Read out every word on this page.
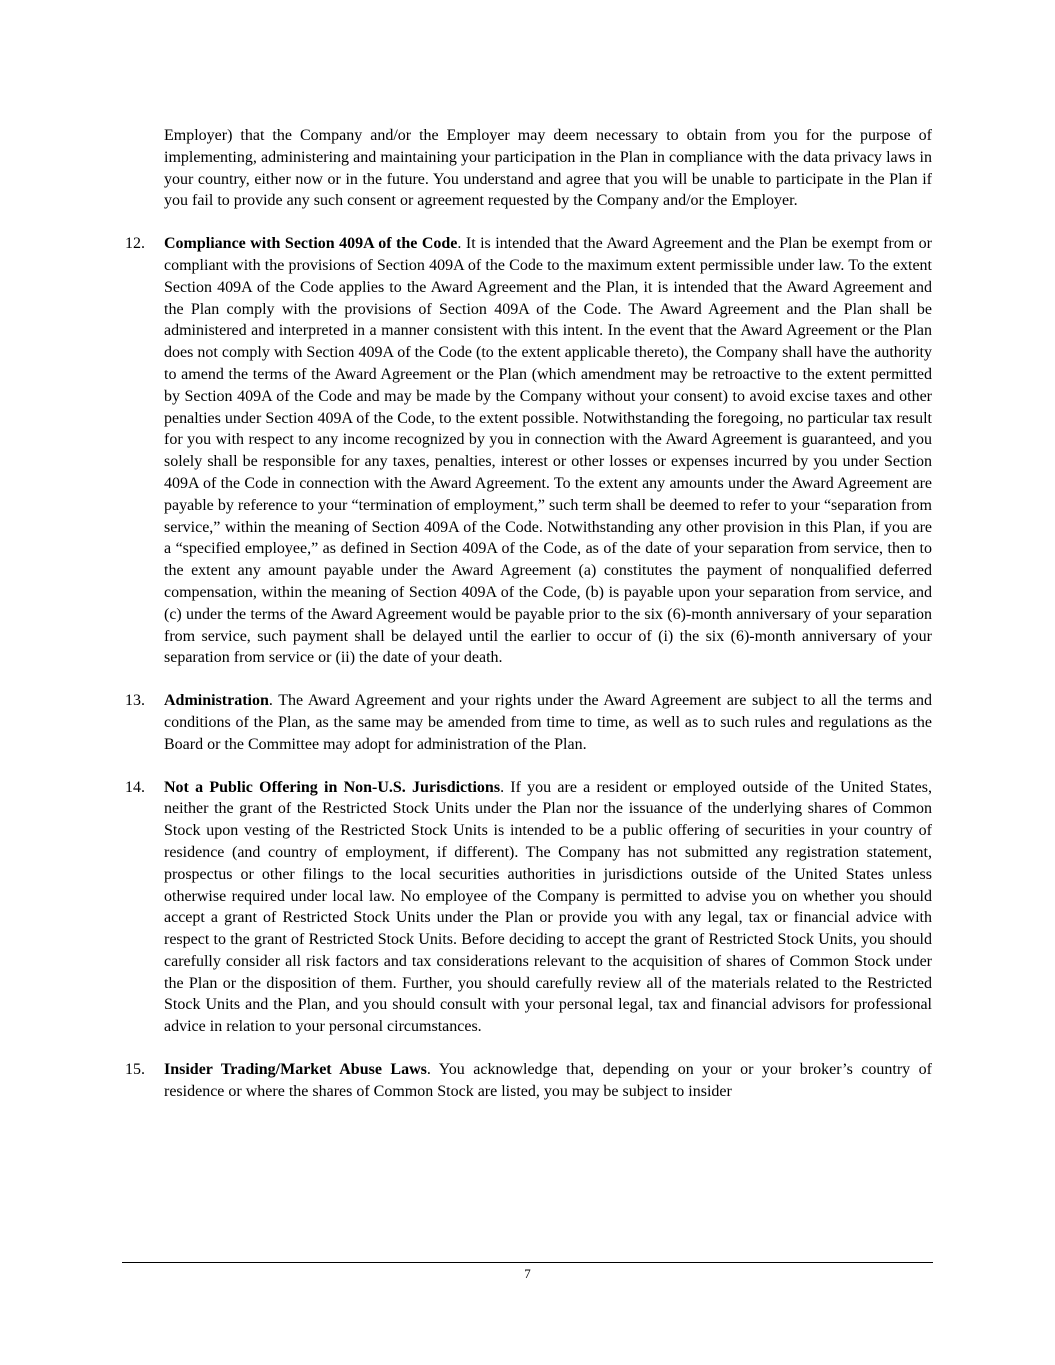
Employer) that the Company and/or the Employer may deem necessary to obtain from you for the purpose of implementing, administering and maintaining your participation in the Plan in compliance with the data privacy laws in your country, either now or in the future. You understand and agree that you will be unable to participate in the Plan if you fail to provide any such consent or agreement requested by the Company and/or the Employer.

12. Compliance with Section 409A of the Code. It is intended that the Award Agreement and the Plan be exempt from or compliant with the provisions of Section 409A of the Code to the maximum extent permissible under law. To the extent Section 409A of the Code applies to the Award Agreement and the Plan, it is intended that the Award Agreement and the Plan comply with the provisions of Section 409A of the Code. The Award Agreement and the Plan shall be administered and interpreted in a manner consistent with this intent. In the event that the Award Agreement or the Plan does not comply with Section 409A of the Code (to the extent applicable thereto), the Company shall have the authority to amend the terms of the Award Agreement or the Plan (which amendment may be retroactive to the extent permitted by Section 409A of the Code and may be made by the Company without your consent) to avoid excise taxes and other penalties under Section 409A of the Code, to the extent possible. Notwithstanding the foregoing, no particular tax result for you with respect to any income recognized by you in connection with the Award Agreement is guaranteed, and you solely shall be responsible for any taxes, penalties, interest or other losses or expenses incurred by you under Section 409A of the Code in connection with the Award Agreement. To the extent any amounts under the Award Agreement are payable by reference to your “termination of employment,” such term shall be deemed to refer to your “separation from service,” within the meaning of Section 409A of the Code. Notwithstanding any other provision in this Plan, if you are a “specified employee,” as defined in Section 409A of the Code, as of the date of your separation from service, then to the extent any amount payable under the Award Agreement (a) constitutes the payment of nonqualified deferred compensation, within the meaning of Section 409A of the Code, (b) is payable upon your separation from service, and (c) under the terms of the Award Agreement would be payable prior to the six (6)-month anniversary of your separation from service, such payment shall be delayed until the earlier to occur of (i) the six (6)-month anniversary of your separation from service or (ii) the date of your death.
13. Administration. The Award Agreement and your rights under the Award Agreement are subject to all the terms and conditions of the Plan, as the same may be amended from time to time, as well as to such rules and regulations as the Board or the Committee may adopt for administration of the Plan.
14. Not a Public Offering in Non-U.S. Jurisdictions. If you are a resident or employed outside of the United States, neither the grant of the Restricted Stock Units under the Plan nor the issuance of the underlying shares of Common Stock upon vesting of the Restricted Stock Units is intended to be a public offering of securities in your country of residence (and country of employment, if different). The Company has not submitted any registration statement, prospectus or other filings to the local securities authorities in jurisdictions outside of the United States unless otherwise required under local law. No employee of the Company is permitted to advise you on whether you should accept a grant of Restricted Stock Units under the Plan or provide you with any legal, tax or financial advice with respect to the grant of Restricted Stock Units. Before deciding to accept the grant of Restricted Stock Units, you should carefully consider all risk factors and tax considerations relevant to the acquisition of shares of Common Stock under the Plan or the disposition of them. Further, you should carefully review all of the materials related to the Restricted Stock Units and the Plan, and you should consult with your personal legal, tax and financial advisors for professional advice in relation to your personal circumstances.
15. Insider Trading/Market Abuse Laws. You acknowledge that, depending on your or your broker’s country of residence or where the shares of Common Stock are listed, you may be subject to insider
7
